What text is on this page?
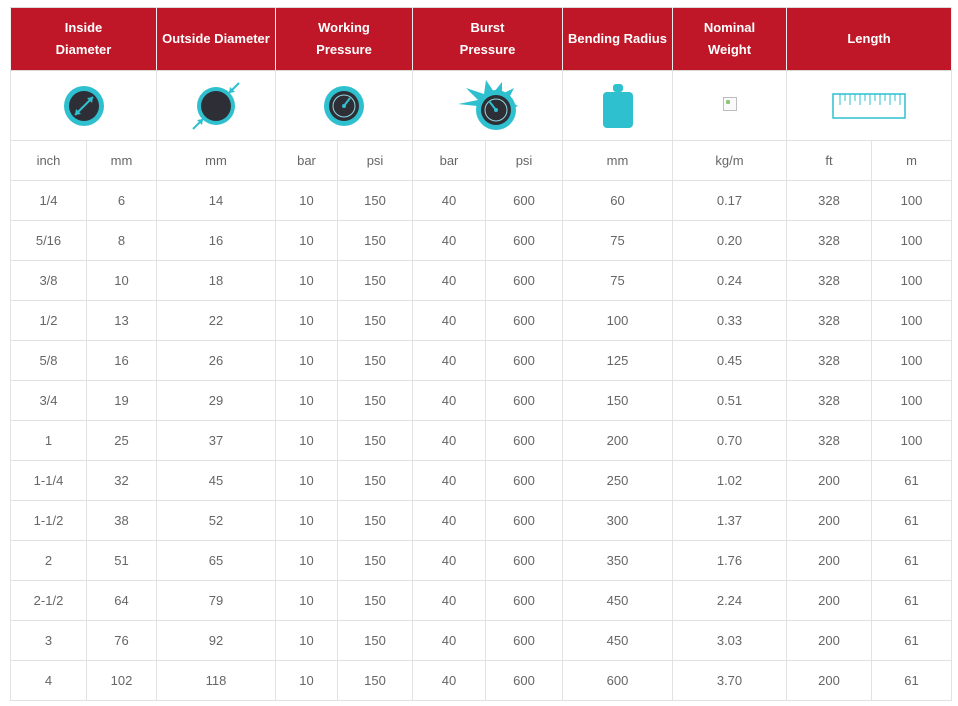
Inside Diameter		Outside Diameter	Working Pressure		Burst Pressure		Bending Radius	Nominal Weight	Length	

inch	mm	mm	bar	psi	bar	psi	mm	kg/m	ft	m
1/4	6	14	10	150	40	600	60	0.17	328	100
5/16	8	16	10	150	40	600	75	0.20	328	100
3/8	10	18	10	150	40	600	75	0.24	328	100
1/2	13	22	10	150	40	600	100	0.33	328	100
5/8	16	26	10	150	40	600	125	0.45	328	100
3/4	19	29	10	150	40	600	150	0.51	328	100
1	25	37	10	150	40	600	200	0.70	328	100
1-1/4	32	45	10	150	40	600	250	1.02	200	61
1-1/2	38	52	10	150	40	600	300	1.37	200	61
2	51	65	10	150	40	600	350	1.76	200	61
2-1/2	64	79	10	150	40	600	450	2.24	200	61
3	76	92	10	150	40	600	450	3.03	200	61
4	102	118	10	150	40	600	600	3.70	200	61
